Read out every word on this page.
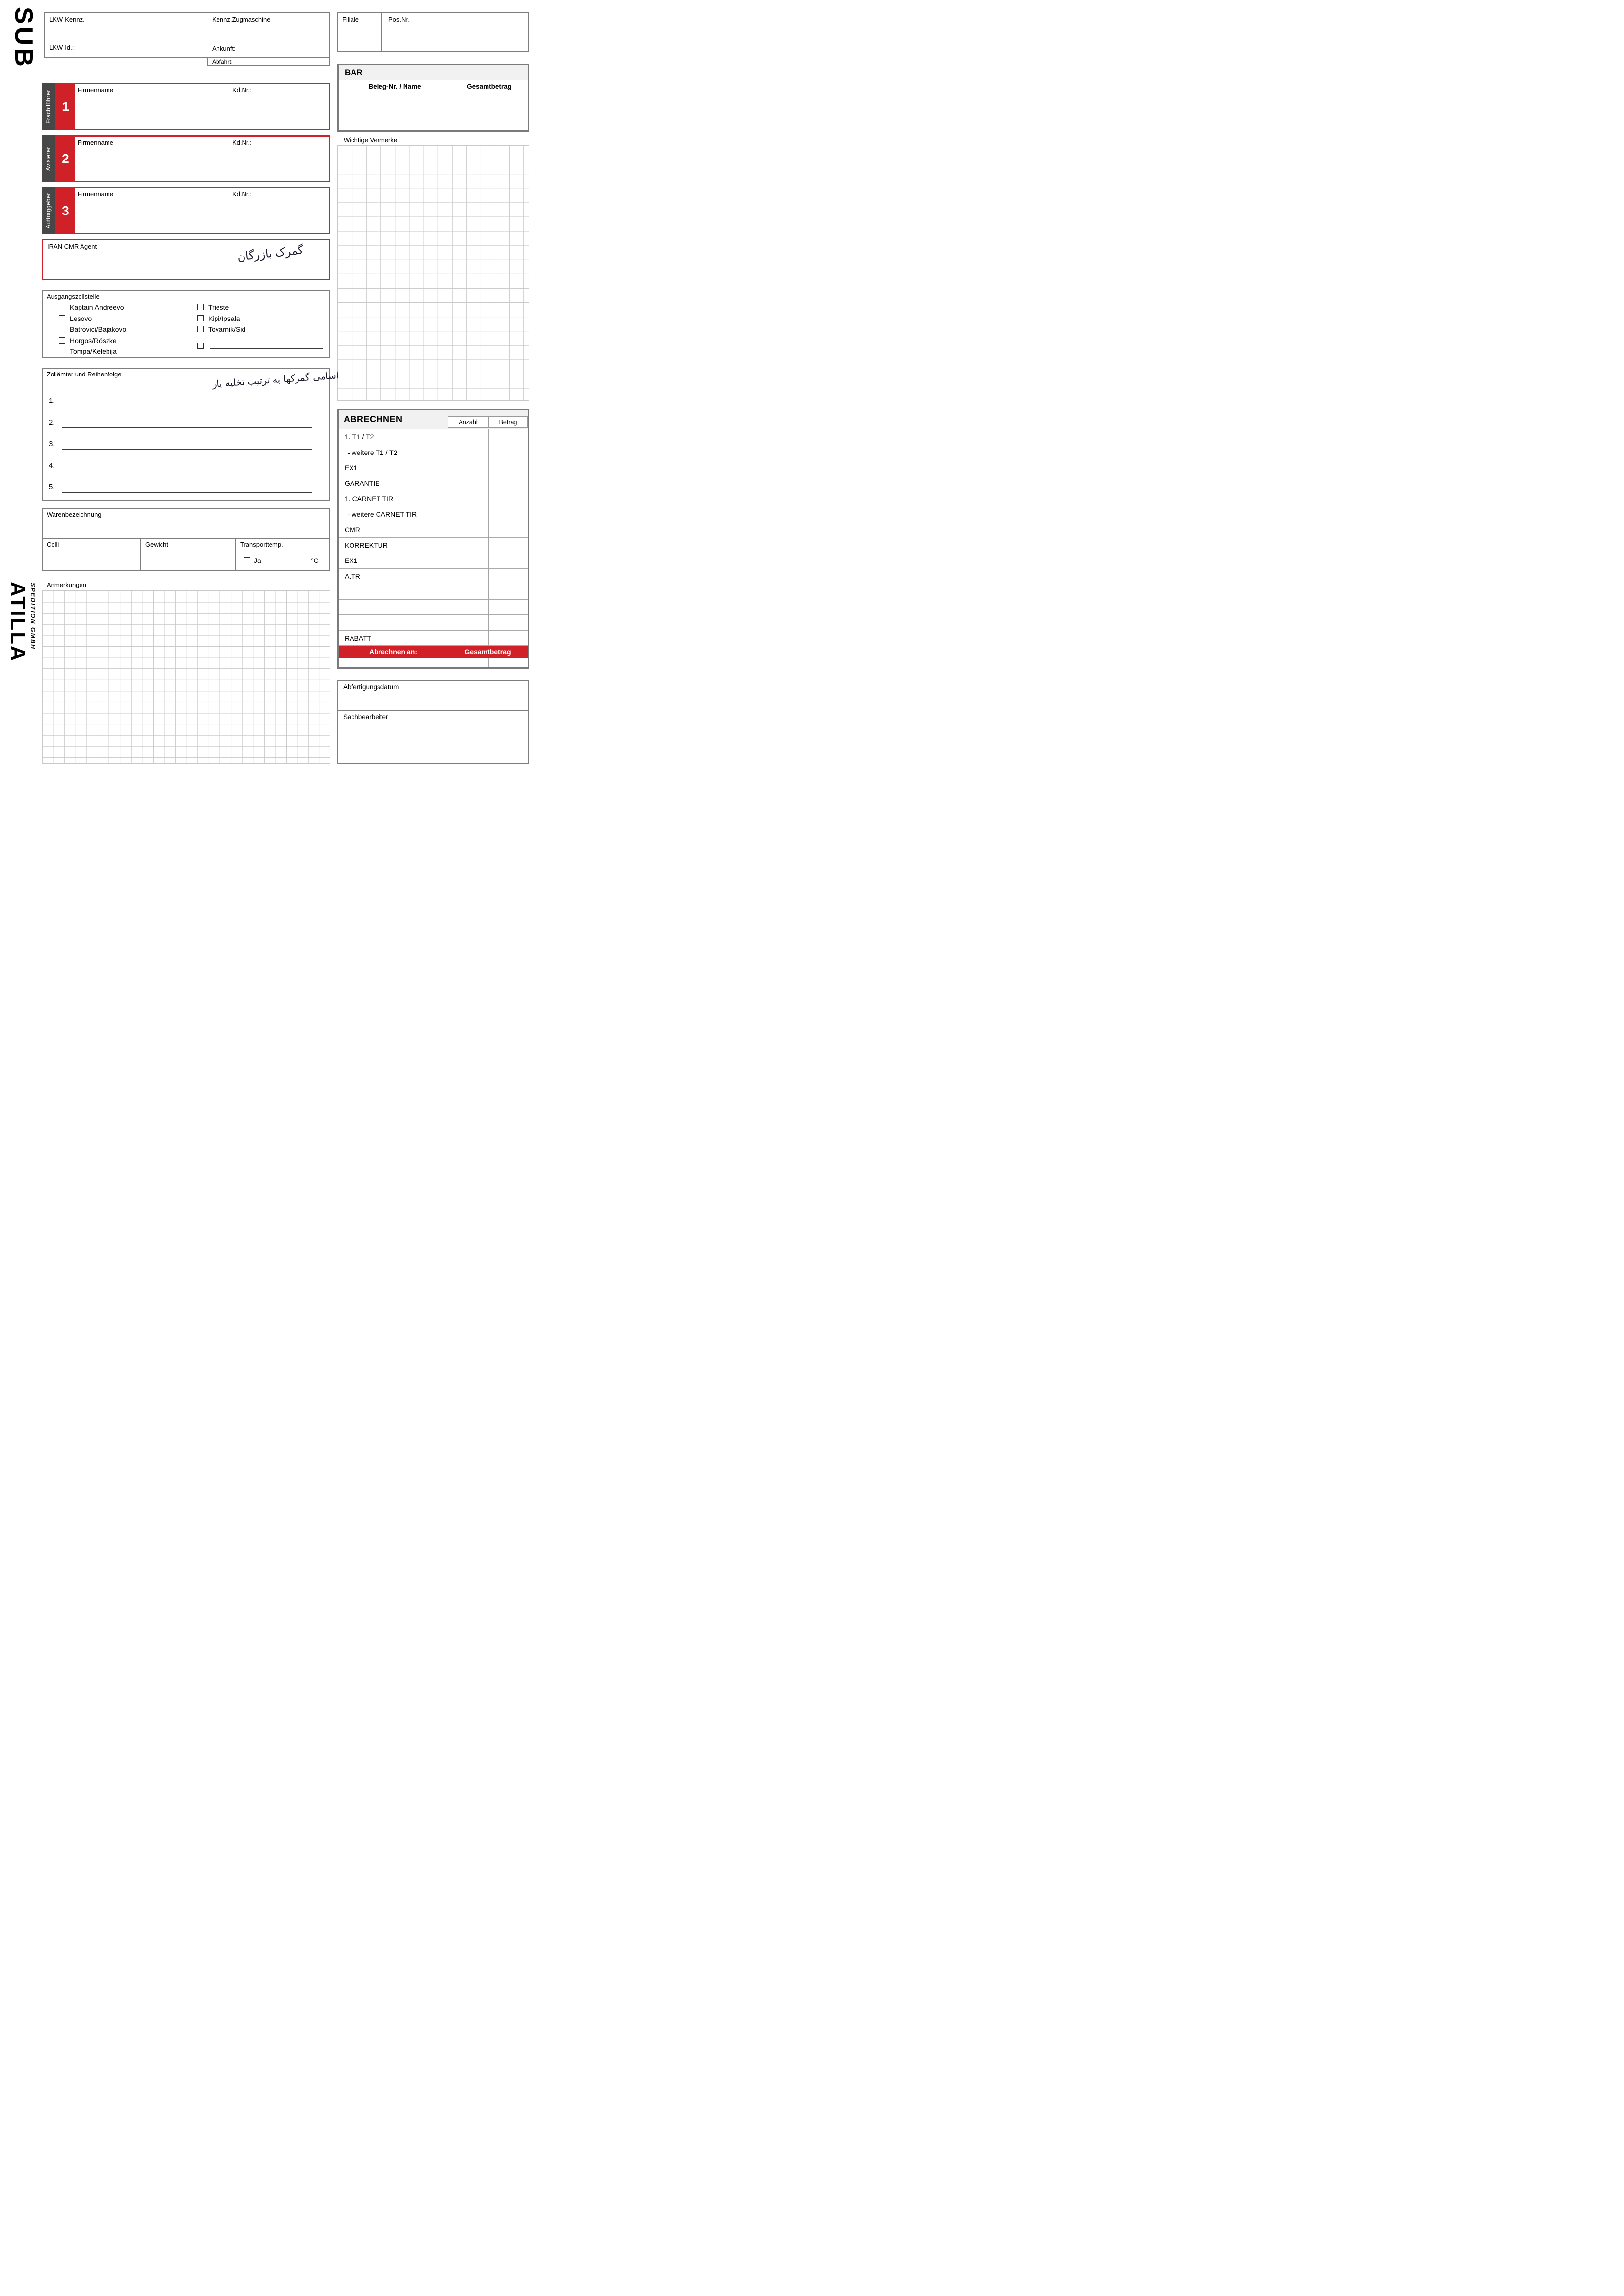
SUB
ATILLA SPEDITION GMBH
LKW-Kennz.	Kennz.Zugmaschine
LKW-Id.:	Ankunft:
Abfahrt:
Filiale	Pos.Nr.
BAR
Beleg-Nr. / Name	Gesamtbetrag
Frachtführer 1
Firmenname	Kd.Nr.:
Avisierer 2
Firmenname	Kd.Nr.:
Auftraggeber 3
Firmenname	Kd.Nr.:
IRAN CMR Agent	گمرک بازرگان
Wichtige Vermerke
Ausgangszollstelle
Kaptain Andreevo
Lesovo
Batrovici/Bajakovo
Horgos/Röszke
Tompa/Kelebija
Trieste
Kipi/Ipsala
Tovarnik/Sid
Zollämter und Reihenfolge	اسامی گمرکها به ترتیب تخلیه بار
1.
2.
3.
4.
5.
Warenbezeichnung
Colli	Gewicht	Transporttemp.
Ja	°C
Anmerkungen
ABRECHNEN	Anzahl	Betrag
1. T1 / T2
- weitere T1 / T2
EX1
GARANTIE
1. CARNET TIR
- weitere CARNET TIR
CMR
KORREKTUR
EX1
A.TR
RABATT
Abrechnen an:	Gesamtbetrag
Abfertigungsdatum
Sachbearbeiter
